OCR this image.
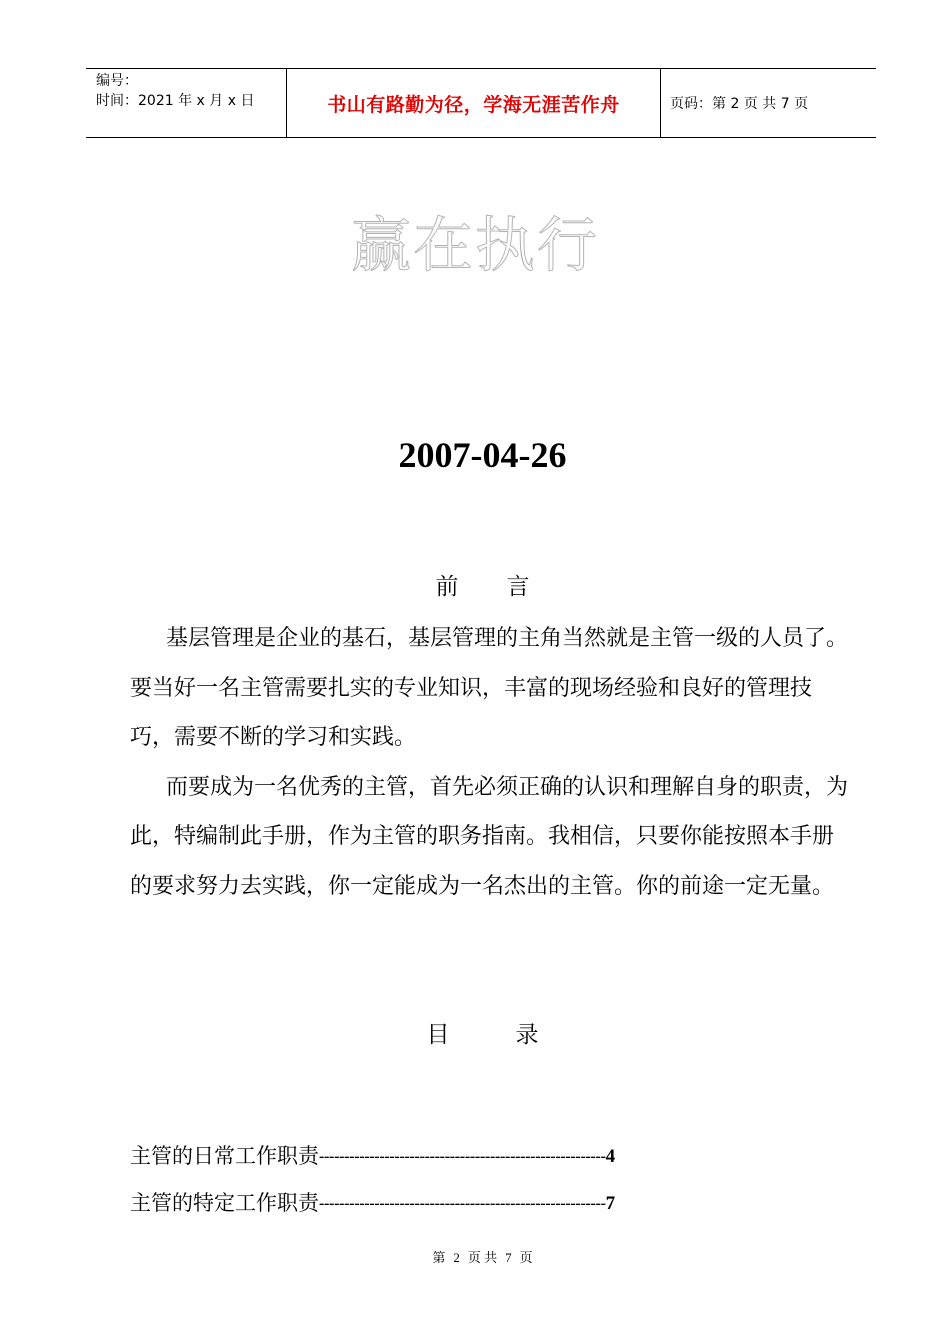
编号：
时间：2021 年 x 月 x 日	书山有路勤为径，学海无涯苦作舟	页码：第 2 页 共 7 页
赢在执行
2007-04-26
前 言

基层管理是企业的基石，基层管理的主角当然就是主管一级的人员了。要当好一名主管需要扎实的专业知识，丰富的现场经验和良好的管理技巧，需要不断的学习和实践。

而要成为一名优秀的主管，首先必须正确的认识和理解自身的职责，为此，特编制此手册，作为主管的职务指南。我相信，只要你能按照本手册的要求努力去实践，你一定能成为一名杰出的主管。你的前途一定无量。

目	录
主管的日常工作职责 --------------------------------------------------------- 4
主管的特定工作职责 --------------------------------------------------------- 7
第 2 页 共 7 页
